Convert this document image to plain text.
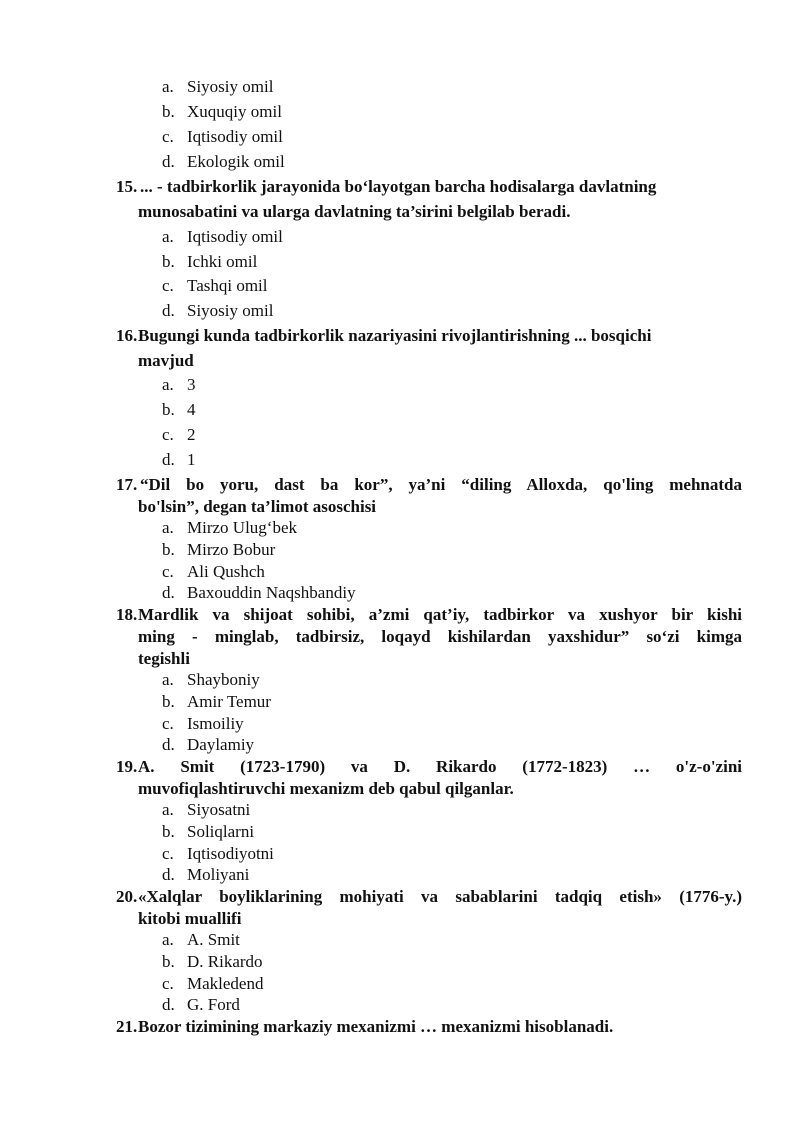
a. Siyosiy omil
b. Xuquqiy omil
c. Iqtisodiy omil
d. Ekologik omil
15. ... - tadbirkorlik jarayonida bo‘layotgan barcha hodisalarga davlatning
munosabatini va ularga davlatning ta’sirini belgilab beradi.
a. Iqtisodiy omil
b. Ichki omil
c. Tashqi omil
d. Siyosiy omil
16. Bugungi kunda tadbirkorlik nazariyasini rivojlantirishning ... bosqichi
mavjud
a. 3
b. 4
c. 2
d. 1
17. “Dil bo yoru, dast ba kor”, ya’ni “diling Alloxda, qo'ling mehnatda
bo'lsin”, degan ta’limot asoschisi
a. Mirzo Ulug‘bek
b. Mirzo Bobur
c. Ali Qushch
d. Baxouddin Naqshbandiy
18. Mardlik va shijoat sohibi, a’zmi qat’iy, tadbirkor va xushyor bir kishi
ming - minglab, tadbirsiz, loqayd kishilardan yaxshidur” so‘zi kimga
tegishli
a. Shayboniy
b. Amir Temur
c. Ismoiliy
d. Daylamiy
19. A. Smit (1723-1790) va D. Rikardo (1772-1823) … o'z-o'zini
muvofiqlashtiruvchi mexanizm deb qabul qilganlar.
a. Siyosatni
b. Soliqlarni
c. Iqtisodiyotni
d. Moliyani
20. «Xalqlar boyliklarining mohiyati va sabablarini tadqiq etish» (1776-y.)
kitobi muallifi
a. A. Smit
b. D. Rikardo
c. Makledend
d. G. Ford
21. Bozor tizimining markaziy mexanizmi … mexanizmi hisoblanadi.
